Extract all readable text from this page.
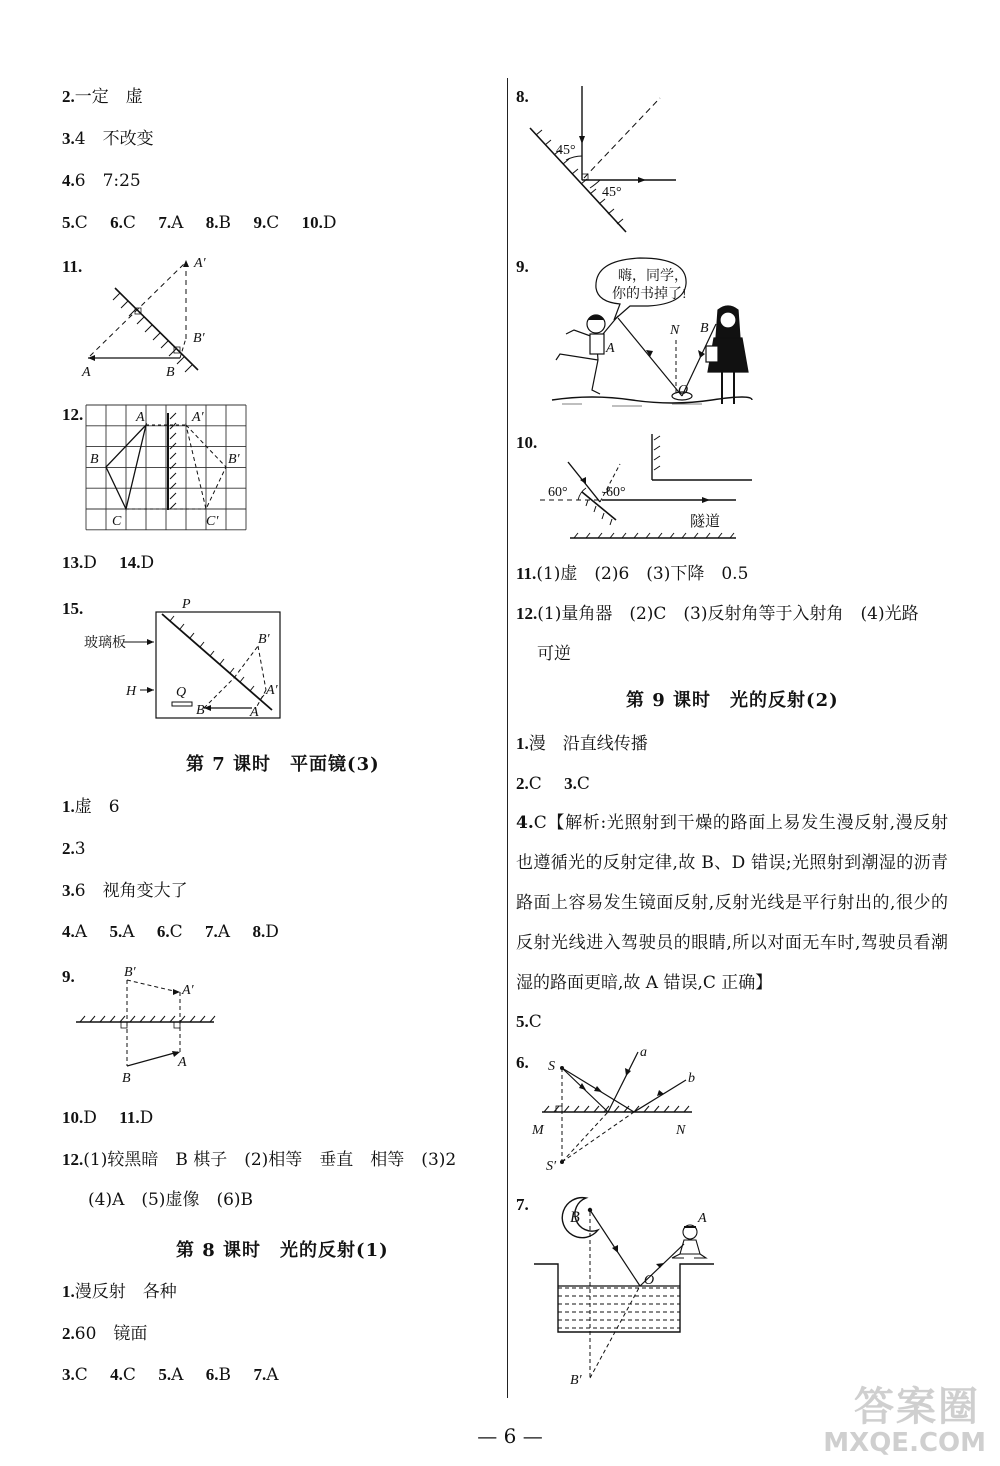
2.一定　虚
3.4　不改变
4.6　7:25
5.C　 6.C　 7.A　 8.B　 9.C　 10.D
11.
A	B
A′
B′
12.	A
B
C
A′
B′
C′
13.D　 14.D
15.	P
玻璃板
H	Q
B	A
B′
A′
第 7 课时　平面镜(3)
1.虚　6
2.3
3.6　视角变大了
4.A　 5.A　 6.C　 7.A　 8.D
9.	B′
A′
A
B
10.D　 11.D
12.(1)较黑暗　B 棋子　(2)相等　垂直　相等　(3)2
(4)A　(5)虚像　(6)B
第 8 课时　光的反射(1)
1.漫反射　各种
2.60　镜面
3.C　 4.C　 5.A　 6.B　 7.A
8.
45°
45°
9.
嗨，同学，
你的书掉了!
A
N B
O
10.
60°	60°
隧道
11.(1)虚　(2)6　(3)下降　0.5
12.(1)量角器　(2)C　(3)反射角等于入射角　(4)光路
可逆
第 9 课时　光的反射(2)
1.漫　沿直线传播
2.C　 3.C
4.C【解析:光照射到干燥的路面上易发生漫反射,漫反射也遵循光的反射定律,故 B、D 错误;光照射到潮湿的沥青路面上容易发生镜面反射,反射光线是平行射出的,很少的反射光线进入驾驶员的眼睛,所以对面无车时,驾驶员看潮湿的路面更暗,故 A 错误,C 正确】
5.C
6. S
a
b
M	N
S′
7.
B	A
O
B′
— 6 —
答案圈
MXQE.COM
